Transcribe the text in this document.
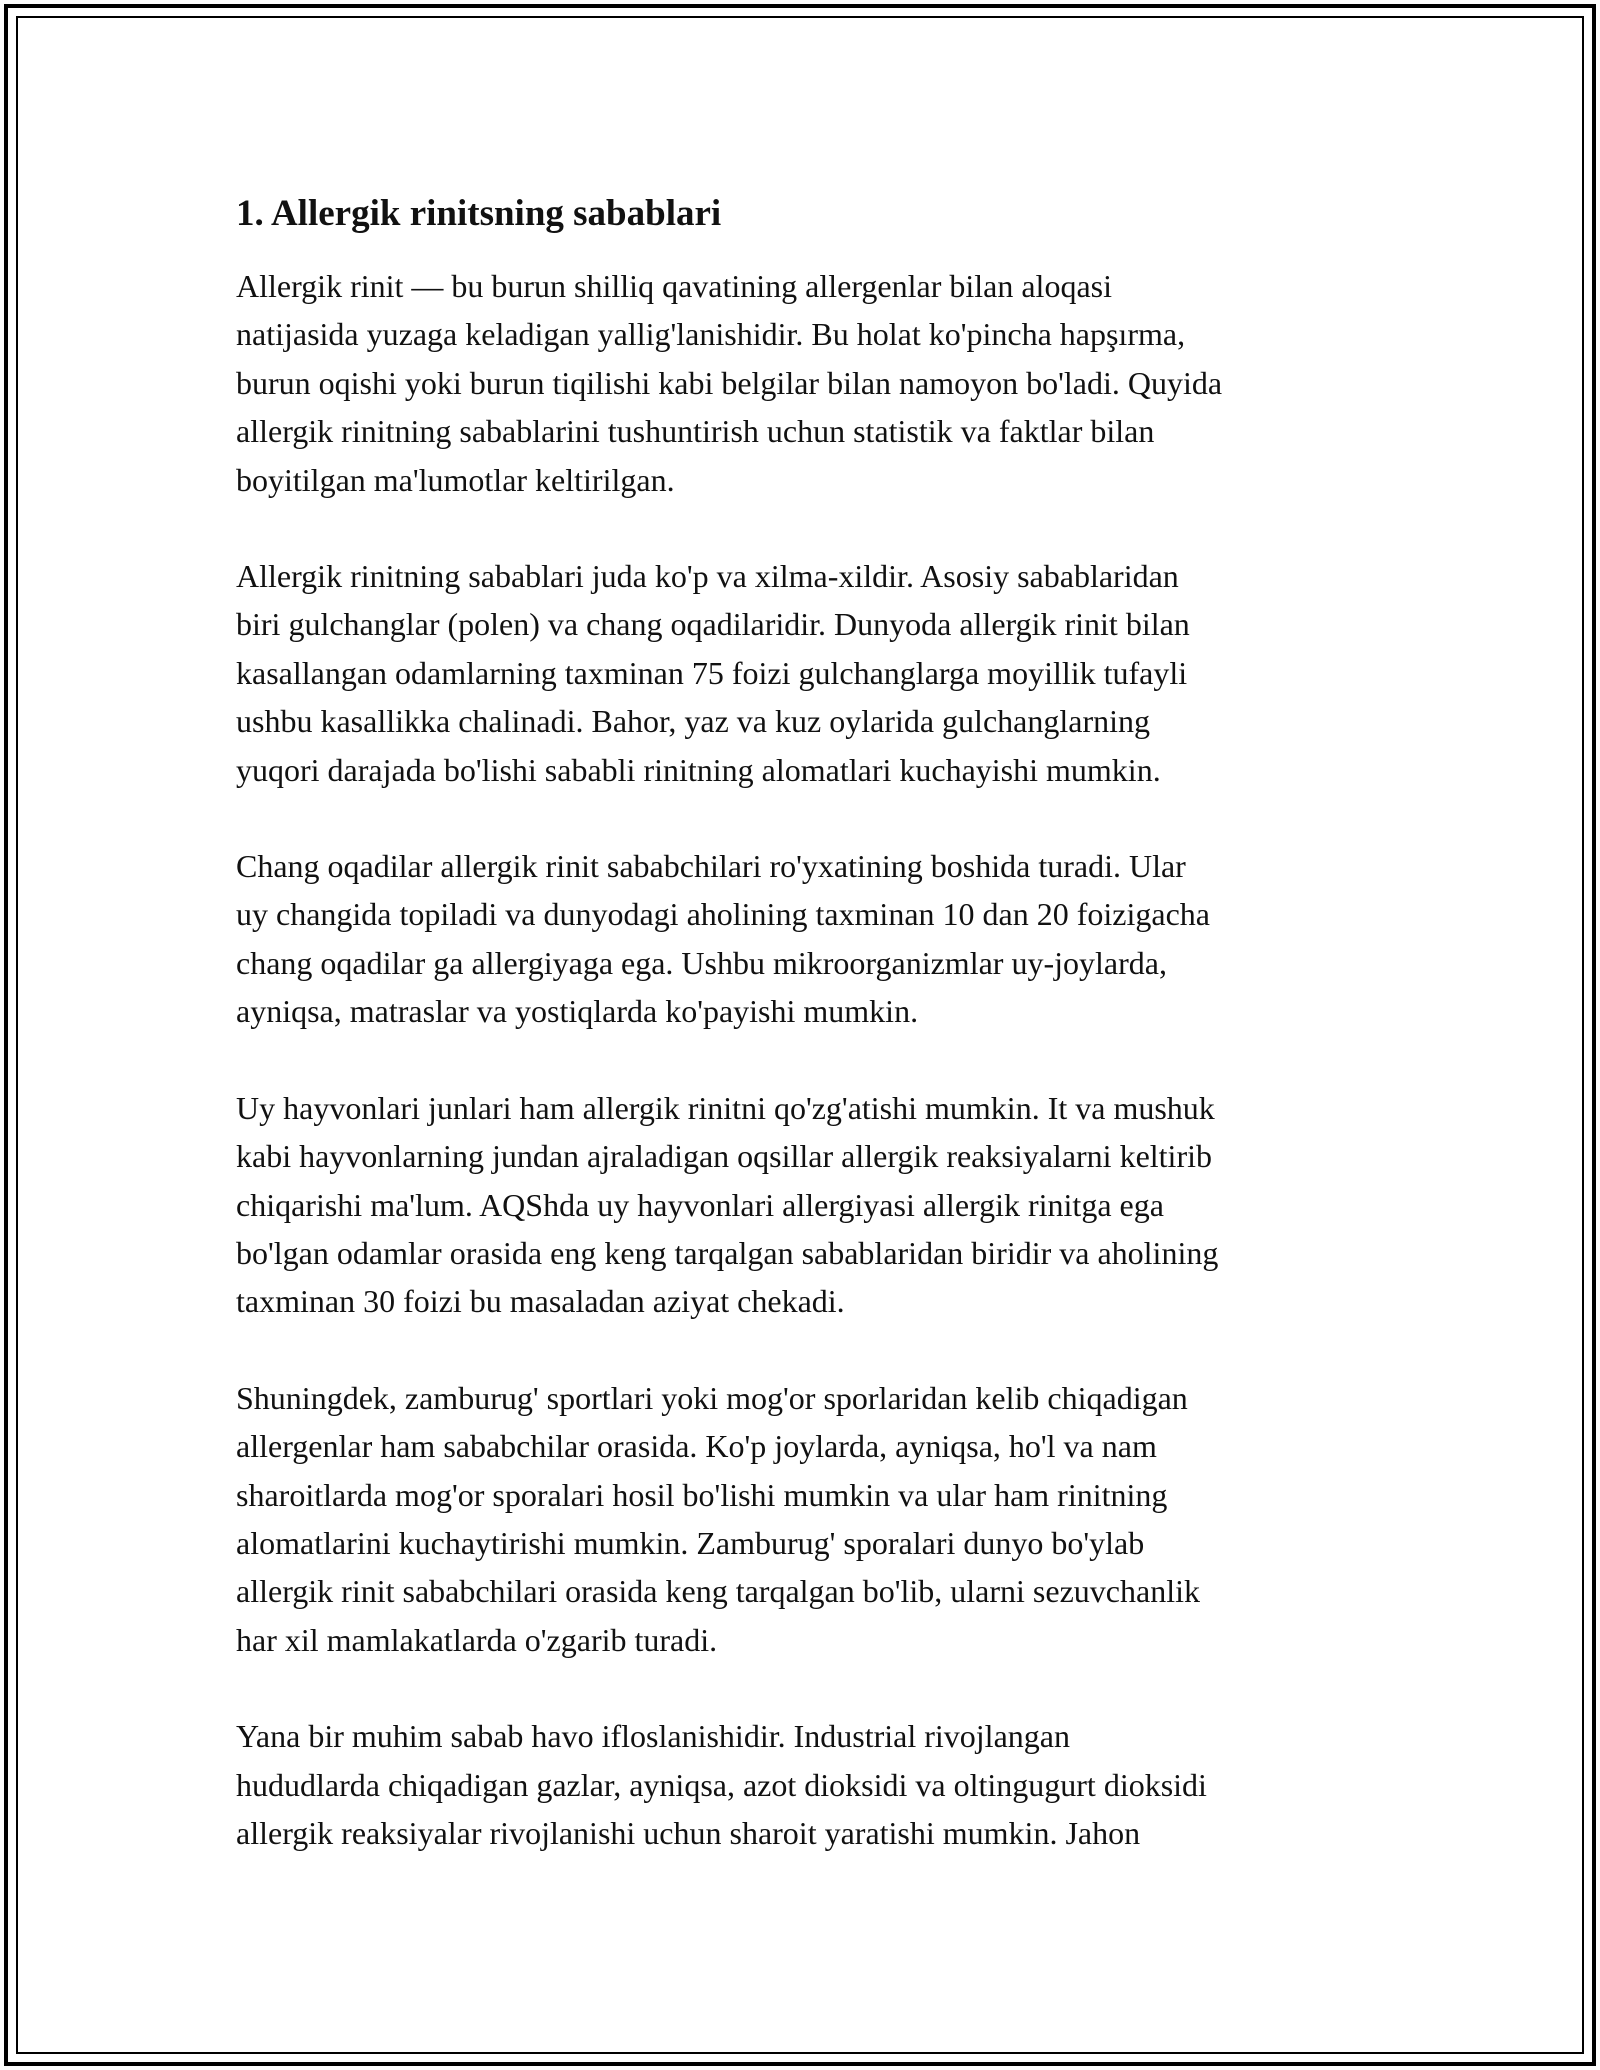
1. Allergik rinitsning sabablari

Allergik rinit — bu burun shilliq qavatining allergenlar bilan aloqasi
natijasida yuzaga keladigan yallig'lanishidir. Bu holat ko'pincha hapşırma,
burun oqishi yoki burun tiqilishi kabi belgilar bilan namoyon bo'ladi. Quyida
allergik rinitning sabablarini tushuntirish uchun statistik va faktlar bilan
boyitilgan ma'lumotlar keltirilgan.

Allergik rinitning sabablari juda ko'p va xilma-xildir. Asosiy sabablaridan
biri gulchanglar (polen) va chang oqadilaridir. Dunyoda allergik rinit bilan
kasallangan odamlarning taxminan 75 foizi gulchanglarga moyillik tufayli
ushbu kasallikka chalinadi. Bahor, yaz va kuz oylarida gulchanglarning
yuqori darajada bo'lishi sababli rinitning alomatlari kuchayishi mumkin.

Chang oqadilar allergik rinit sababchilari ro'yxatining boshida turadi. Ular
uy changida topiladi va dunyodagi aholining taxminan 10 dan 20 foizigacha
chang oqadilar ga allergiyaga ega. Ushbu mikroorganizmlar uy-joylarda,
ayniqsa, matraslar va yostiqlarda ko'payishi mumkin.

Uy hayvonlari junlari ham allergik rinitni qo'zg'atishi mumkin. It va mushuk
kabi hayvonlarning jundan ajraladigan oqsillar allergik reaksiyalarni keltirib
chiqarishi ma'lum. AQShda uy hayvonlari allergiyasi allergik rinitga ega
bo'lgan odamlar orasida eng keng tarqalgan sabablaridan biridir va aholining
taxminan 30 foizi bu masaladan aziyat chekadi.

Shuningdek, zamburug' sportlari yoki mog'or sporlaridan kelib chiqadigan
allergenlar ham sababchilar orasida. Ko'p joylarda, ayniqsa, ho'l va nam
sharoitlarda mog'or sporalari hosil bo'lishi mumkin va ular ham rinitning
alomatlarini kuchaytirishi mumkin. Zamburug' sporalari dunyo bo'ylab
allergik rinit sababchilari orasida keng tarqalgan bo'lib, ularni sezuvchanlik
har xil mamlakatlarda o'zgarib turadi.

Yana bir muhim sabab havo ifloslanishidir. Industrial rivojlangan
hududlarda chiqadigan gazlar, ayniqsa, azot dioksidi va oltingugurt dioksidi
allergik reaksiyalar rivojlanishi uchun sharoit yaratishi mumkin. Jahon
